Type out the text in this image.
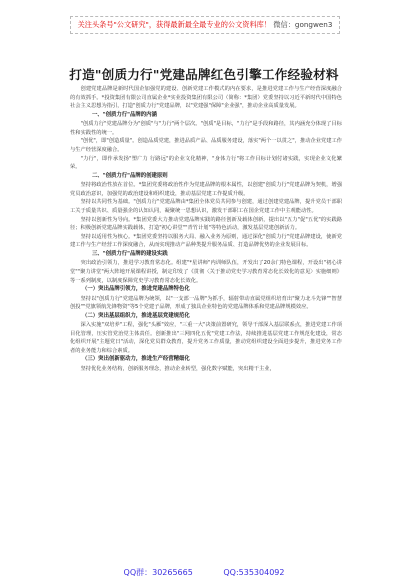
关注头条号"公文研究"，获得最新最全最专业的公文资料库！ 微信：gongwen3
打造"创质力行"党建品牌红色引擎工作经验材料

创建党建品牌是新时代国企加强党的建设、创新党建工作模式的内在要求，是推进党建工作与生产经营深度融合的有效抓手。*投资集团有限公司直属企业*实业投资集团有限公司（简称：*集团）党委坚持以习近平新时代中国特色社会主义思想为指引，打造"创质力行"党建品牌，以"党建强"保障"企业强"，推动企业高质量发展。

一、"创质力行"品牌的内涵

"创质力行"党建品牌分为"创质"与"力行"两个层次。"创质"是目标，"力行"是手段和路径，其内涵充分体现了目标性和实践性的统一。

"创优"，即"创造质量"。创造品质党建，推进品质产品、品质服务建设，落实"两个一以贯之"，推动企业党建工作与生产经营深度融合。

"力行"，即作承发扬"塑广力 行路远"的企业文化精神，"身体力行"将工作目标计划付诸实践，实现企业文化繁荣。

二、"创质力行"品牌的创建原则

坚持将政治性放在首位。*集团党委将政治性作为党建品牌的根本属性，以创建"创质力行"党建品牌为契机，增强党员政治意识，加强党的政治建设和组织建设，推动基层党建工作提质升级。

坚持以共同性为基础。"创质力行"党建品牌由*集团全体党员共同参与创建，通过创建党建品牌，提升党员干部职工关于质量共识、质量强企的认知认同，凝聚统一思想认识，激发干部职工在国企党建工作中主观能动性。

坚持以创新性为导向。*集团党委大力推动党建品牌实践的路径创新及载体创新，提出以"五力"促"五优"的实践路径；积极创新党建品牌实践载体，打造"初心讲堂""青竹计划"等特色活动，激发基层党建创新活力。

坚持以适用性为核心。*集团党委坚持以服务大局、融入业务为原则，通过深化"创质力行"党建品牌建设，使新党建工作与生产经营工作深度融合，从而实现推动产品种类提升服务品质、打造品牌优势的企业发展目标。

三、"创质力行"品牌的建设实践

突出政治引领力，推进学习教育常态化。组建"*星讲师"内训师队伍，开发出了20余门特色课程，开设出"初心讲堂""聚力讲堂"两大阵地开展课程讲授，制定印发了《贯彻〈关于推动党史学习教育常态化长效化的意见〉实施细则》等一系列制度，以制度保障党史学习教育常态化长效化。

（一）突出品牌引领力，推进党建品牌特色化

坚持以"创质力行"党建品牌为统领，以"一支部一品牌"为抓手，辐射带动直属党组织培育出"聚力北斗先锋""智慧创投""党旗领航先锋物资"等5个党建子品牌，形成了独具企业特色的党建品牌体系和党建品牌规模效应。

（二）突出基层组织力，推进基层党建规范化

深入实施"双培养"工程，强化"头雁"效应，"三重一大"决策前置研究，领导干部深入基层联系点，推进党建工作项目化管理，压实管党治党主体责任。创新推出"三网四化五优"党建工作法，持续推进基层党建工作规范化建设，常态化组织开展"主题党日"活动，深化党员群众教育，提升党务工作质量，推动党组织建设全面进步提升，推进党务工作者的业务能力和综合素质。

（三）突出创新驱动力，推进生产经营精细化

坚持优化业务结构，创新服务理念，推动企业转型，强化数字赋能，突出精干主业，

QQ群：30265665	QQ:535304092
